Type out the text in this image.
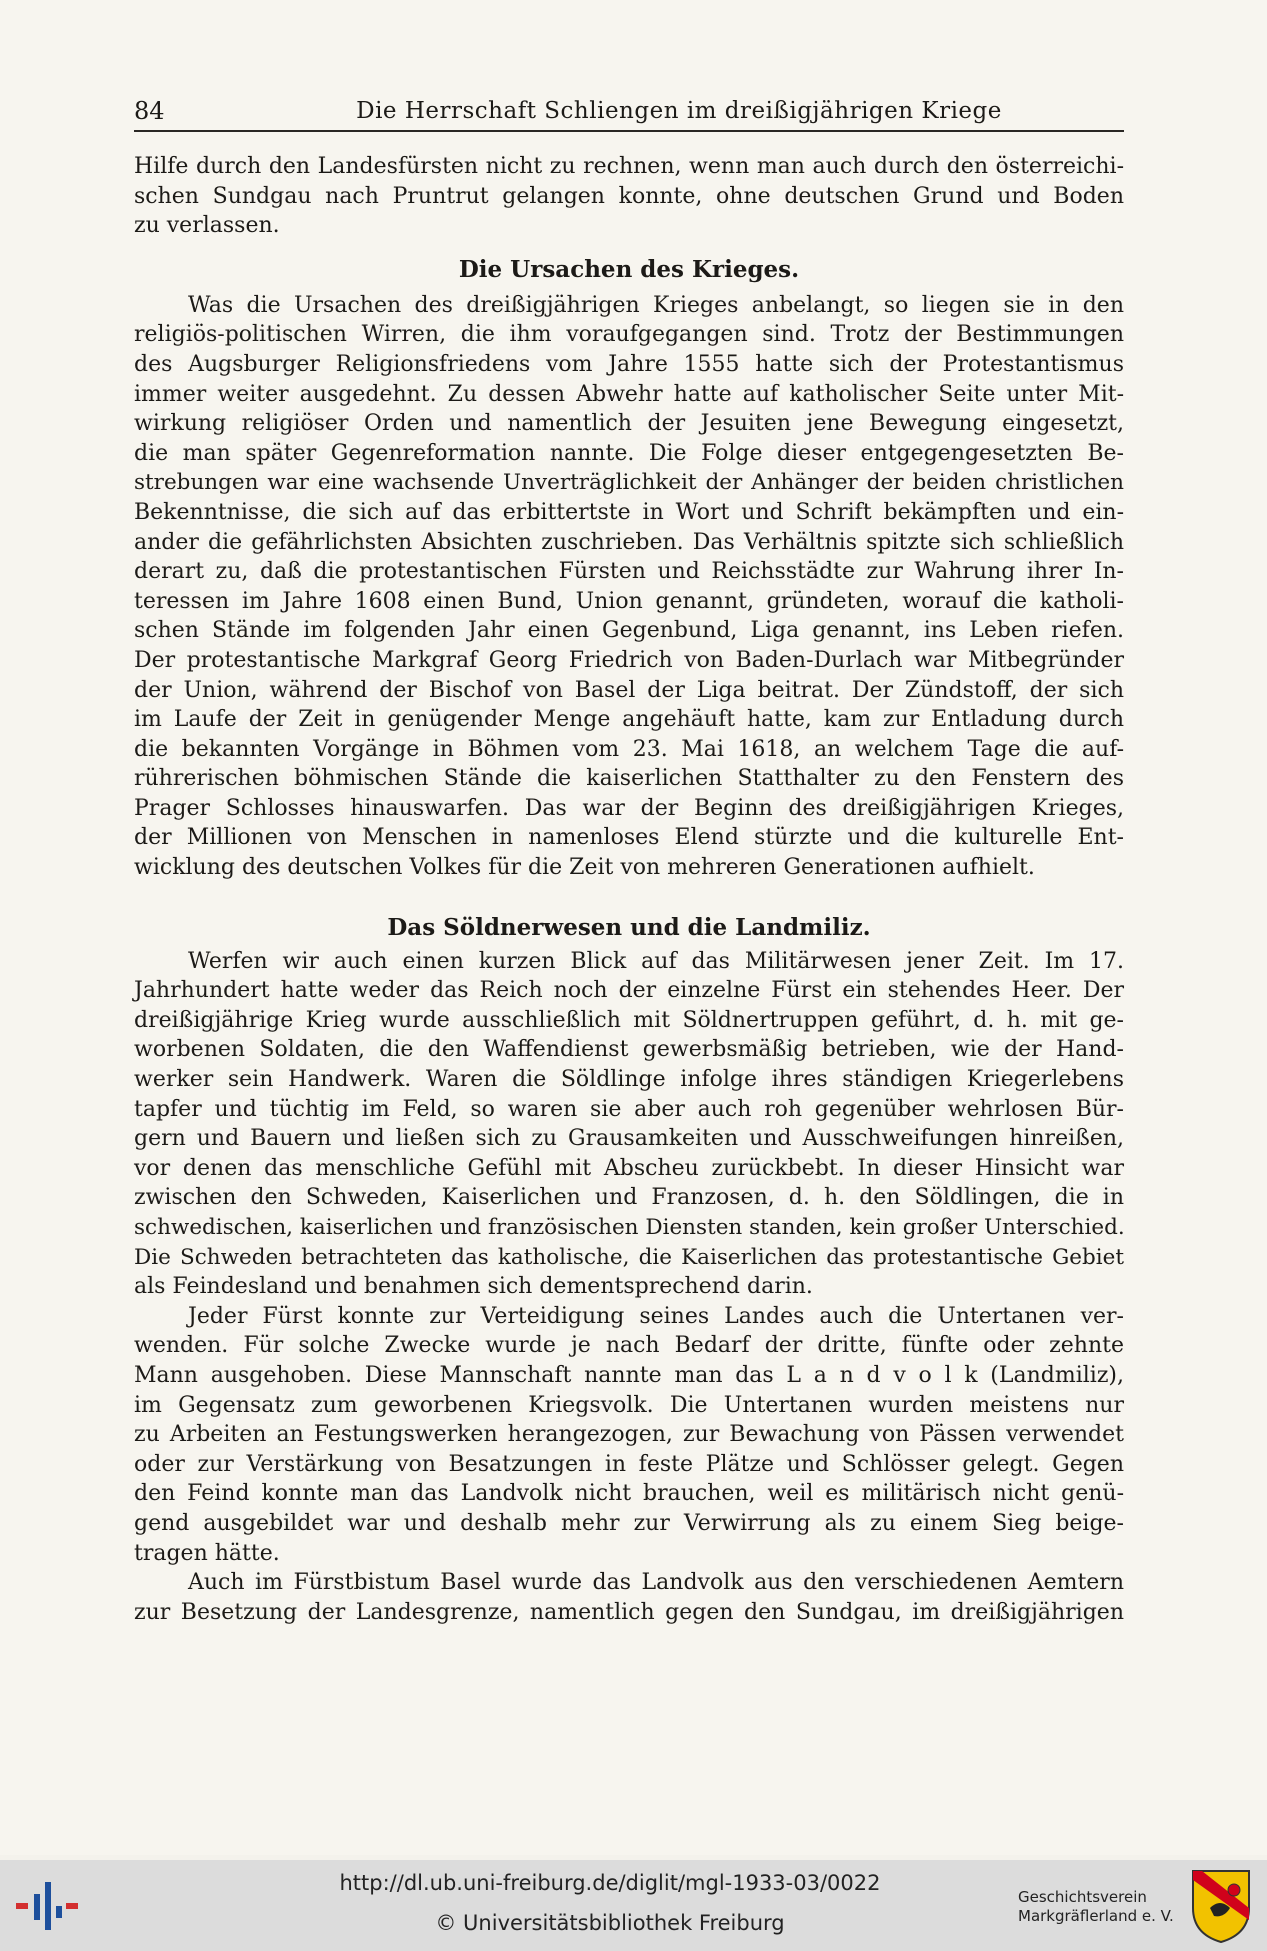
84	Die Herrschaft Schliengen im dreißigjährigen Kriege
Hilfe durch den Landesfürsten nicht zu rechnen, wenn man auch durch den österreichi-
schen Sundgau nach Pruntrut gelangen konnte, ohne deutschen Grund und Boden
zu verlassen.
Die Ursachen des Krieges.
Was die Ursachen des dreißigjährigen Krieges anbelangt, so liegen sie in den
religiös-politischen Wirren, die ihm voraufgegangen sind. Trotz der Bestimmungen
des Augsburger Religionsfriedens vom Jahre 1555 hatte sich der Protestantismus
immer weiter ausgedehnt. Zu dessen Abwehr hatte auf katholischer Seite unter Mit-
wirkung religiöser Orden und namentlich der Jesuiten jene Bewegung eingesetzt,
die man später Gegenreformation nannte. Die Folge dieser entgegengesetzten Be-
strebungen war eine wachsende Unverträglichkeit der Anhänger der beiden christlichen
Bekenntnisse, die sich auf das erbittertste in Wort und Schrift bekämpften und ein-
ander die gefährlichsten Absichten zuschrieben. Das Verhältnis spitzte sich schließlich
derart zu, daß die protestantischen Fürsten und Reichsstädte zur Wahrung ihrer In-
teressen im Jahre 1608 einen Bund, Union genannt, gründeten, worauf die katholi-
schen Stände im folgenden Jahr einen Gegenbund, Liga genannt, ins Leben riefen.
Der protestantische Markgraf Georg Friedrich von Baden-Durlach war Mitbegründer
der Union, während der Bischof von Basel der Liga beitrat. Der Zündstoff, der sich
im Laufe der Zeit in genügender Menge angehäuft hatte, kam zur Entladung durch
die bekannten Vorgänge in Böhmen vom 23. Mai 1618, an welchem Tage die auf-
rührerischen böhmischen Stände die kaiserlichen Statthalter zu den Fenstern des
Prager Schlosses hinauswarfen. Das war der Beginn des dreißigjährigen Krieges,
der Millionen von Menschen in namenloses Elend stürzte und die kulturelle Ent-
wicklung des deutschen Volkes für die Zeit von mehreren Generationen aufhielt.
Das Söldnerwesen und die Landmiliz.
Werfen wir auch einen kurzen Blick auf das Militärwesen jener Zeit. Im 17.
Jahrhundert hatte weder das Reich noch der einzelne Fürst ein stehendes Heer. Der
dreißigjährige Krieg wurde ausschließlich mit Söldnertruppen geführt, d. h. mit ge-
worbenen Soldaten, die den Waffendienst gewerbsmäßig betrieben, wie der Hand-
werker sein Handwerk. Waren die Söldlinge infolge ihres ständigen Kriegerlebens
tapfer und tüchtig im Feld, so waren sie aber auch roh gegenüber wehrlosen Bür-
gern und Bauern und ließen sich zu Grausamkeiten und Ausschweifungen hinreißen,
vor denen das menschliche Gefühl mit Abscheu zurückbebt. In dieser Hinsicht war
zwischen den Schweden, Kaiserlichen und Franzosen, d. h. den Söldlingen, die in
schwedischen, kaiserlichen und französischen Diensten standen, kein großer Unterschied.
Die Schweden betrachteten das katholische, die Kaiserlichen das protestantische Gebiet
als Feindesland und benahmen sich dementsprechend darin.
Jeder Fürst konnte zur Verteidigung seines Landes auch die Untertanen ver-
wenden. Für solche Zwecke wurde je nach Bedarf der dritte, fünfte oder zehnte
Mann ausgehoben. Diese Mannschaft nannte man das L a n d v o l k (Landmiliz),
im Gegensatz zum geworbenen Kriegsvolk. Die Untertanen wurden meistens nur
zu Arbeiten an Festungswerken herangezogen, zur Bewachung von Pässen verwendet
oder zur Verstärkung von Besatzungen in feste Plätze und Schlösser gelegt. Gegen
den Feind konnte man das Landvolk nicht brauchen, weil es militärisch nicht genü-
gend ausgebildet war und deshalb mehr zur Verwirrung als zu einem Sieg beige-
tragen hätte.
Auch im Fürstbistum Basel wurde das Landvolk aus den verschiedenen Aemtern
zur Besetzung der Landesgrenze, namentlich gegen den Sundgau, im dreißigjährigen
http://dl.ub.uni-freiburg.de/diglit/mgl-1933-03/0022
© Universitätsbibliothek Freiburg
Geschichtsverein
Markgräflerland e. V.
